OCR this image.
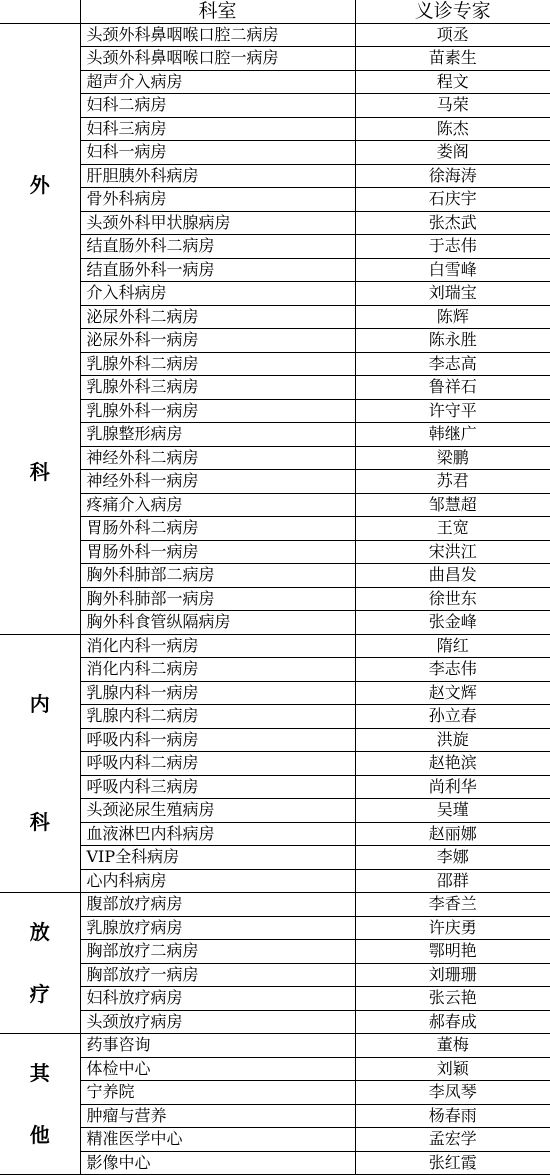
	科室	义诊专家

外
科	头颈外科鼻咽喉口腔二病房	项丞
	头颈外科鼻咽喉口腔一病房	苗素生
	超声介入病房	程文
	妇科二病房	马荣
	妇科三病房	陈杰
	妇科一病房	娄阁
	肝胆胰外科病房	徐海涛
	骨外科病房	石庆宇
	头颈外科甲状腺病房	张杰武
	结直肠外科二病房	于志伟
	结直肠外科一病房	白雪峰
	介入科病房	刘瑞宝
	泌尿外科二病房	陈辉
	泌尿外科一病房	陈永胜
	乳腺外科二病房	李志高
	乳腺外科三病房	鲁祥石
	乳腺外科一病房	许守平
	乳腺整形病房	韩继广
	神经外科二病房	梁鹏
	神经外科一病房	苏君
	疼痛介入病房	邹慧超
	胃肠外科二病房	王宽
	胃肠外科一病房	宋洪江
	胸外科肺部二病房	曲昌发
	胸外科肺部一病房	徐世东
	胸外科食管纵隔病房	张金峰

内
科	消化内科一病房	隋红
	消化内科二病房	李志伟
	乳腺内科一病房	赵文辉
	乳腺内科二病房	孙立春
	呼吸内科一病房	洪旋
	呼吸内科二病房	赵艳滨
	呼吸内科三病房	尚利华
	头颈泌尿生殖病房	吴瑾
	血液淋巴内科病房	赵丽娜
	VIP全科病房	李娜
	心内科病房	邵群

放
疗	腹部放疗病房	李香兰
	乳腺放疗病房	许庆勇
	胸部放疗二病房	鄂明艳
	胸部放疗一病房	刘珊珊
	妇科放疗病房	张云艳
	头颈放疗病房	郝春成

其
他	药事咨询	董梅
	体检中心	刘颖
	宁养院	李凤琴
	肿瘤与营养	杨春雨
	精准医学中心	孟宏学
	影像中心	张红霞
